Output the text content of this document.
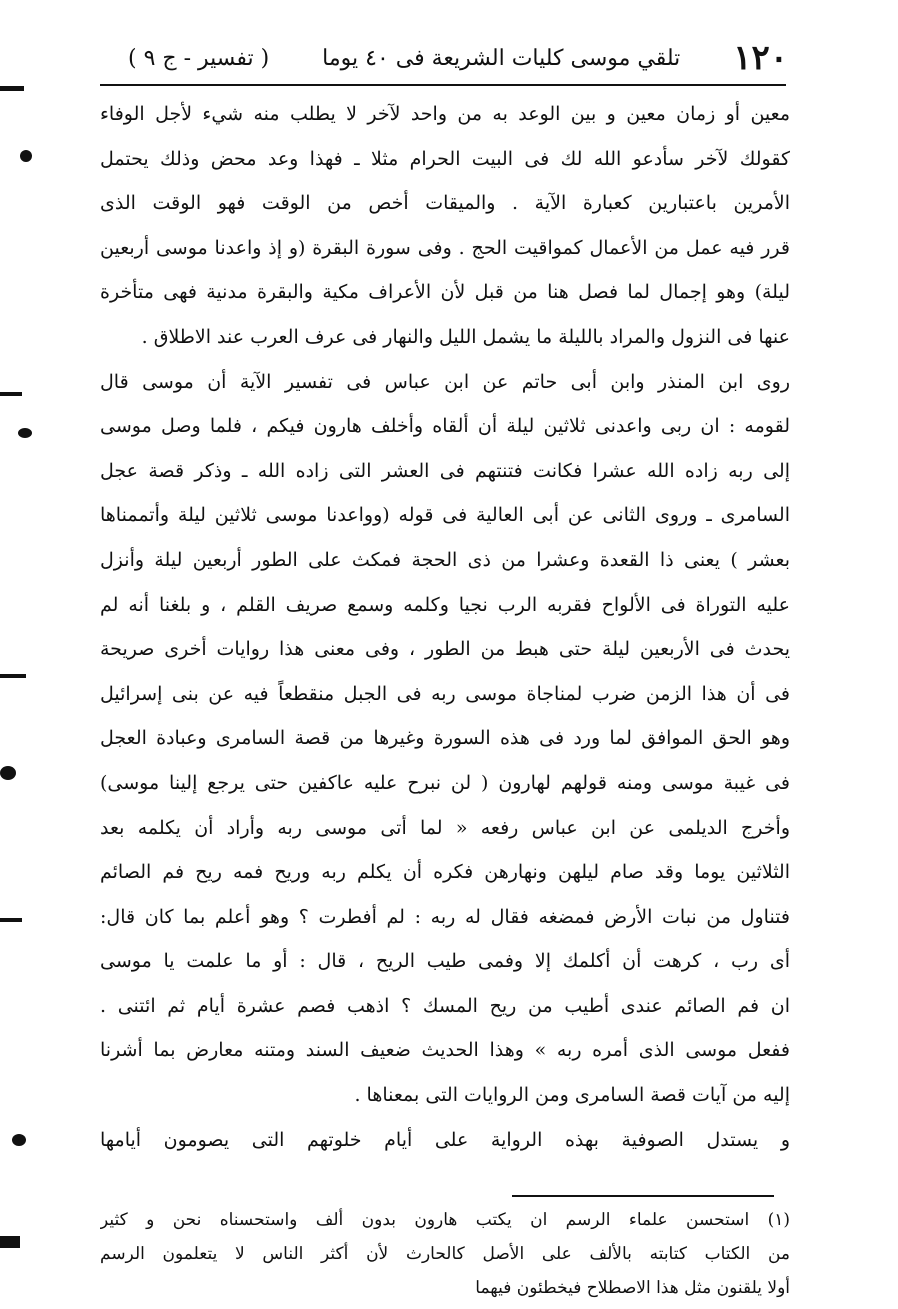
١٢٠
تلقي موسى كليات الشريعة فى ٤٠ يوما
( تفسير - ج ٩ )
معين أو زمان معين و بين الوعد به من واحد لآخر لا يطلب منه شيء لأجل الوفاء
كقولك لآخر سأدعو الله لك فى البيت الحرام مثلا ـ فهذا وعد محض وذلك يحتمل
الأمرين باعتبارين كعبارة الآية . والميقات أخص من الوقت فهو الوقت الذى
قرر فيه عمل من الأعمال كمواقيت الحج . وفى سورة البقرة (و إذ واعدنا موسى أربعين
ليلة) وهو إجمال لما فصل هنا من قبل لأن الأعراف مكية والبقرة مدنية فهى متأخرة
عنها فى النزول والمراد بالليلة ما يشمل الليل والنهار فى عرف العرب عند الاطلاق .
روى ابن المنذر وابن أبى حاتم عن ابن عباس فى تفسير الآية أن موسى قال
لقومه : ان ربى واعدنى ثلاثين ليلة أن ألقاه وأخلف هارون فيكم ، فلما وصل موسى
إلى ربه زاده الله عشرا فكانت فتنتهم فى العشر التى زاده الله ـ وذكر قصة عجل
السامرى ـ وروى الثانى عن أبى العالية فى قوله (وواعدنا موسى ثلاثين ليلة وأتممناها
بعشر ) يعنى ذا القعدة وعشرا من ذى الحجة فمكث على الطور أربعين ليلة وأنزل
عليه التوراة فى الألواح فقربه الرب نجيا وكلمه وسمع صريف القلم ، و بلغنا أنه لم
يحدث فى الأربعين ليلة حتى هبط من الطور ، وفى معنى هذا روايات أخرى صريحة
فى أن هذا الزمن ضرب لمناجاة موسى ربه فى الجبل منقطعاً فيه عن بنى إسرائيل
وهو الحق الموافق لما ورد فى هذه السورة وغيرها من قصة السامرى وعبادة العجل
فى غيبة موسى ومنه قولهم لهارون ( لن نبرح عليه عاكفين حتى يرجع إلينا موسى)
وأخرج الديلمى عن ابن عباس رفعه « لما أتى موسى ربه وأراد أن يكلمه بعد
الثلاثين يوما وقد صام ليلهن ونهارهن فكره أن يكلم ربه وريح فمه ريح فم الصائم
فتناول من نبات الأرض فمضغه فقال له ربه : لم أفطرت ؟ وهو أعلم بما كان قال:
أى رب ، كرهت أن أكلمك إلا وفمى طيب الريح ، قال : أو ما علمت يا موسى
ان فم الصائم عندى أطيب من ريح المسك ؟ اذهب فصم عشرة أيام ثم ائتنى .
ففعل موسى الذى أمره ربه » وهذا الحديث ضعيف السند ومتنه معارض بما أشرنا
إليه من آيات قصة السامرى ومن الروايات التى بمعناها .
و يستدل الصوفية بهذه الرواية على أيام خلوتهم التى يصومون أيامها
(١) استحسن علماء الرسم ان يكتب هارون بدون ألف واستحسناه نحن و كثير
من الكتاب كتابته بالألف على الأصل كالحارث لأن أكثر الناس لا يتعلمون الرسم
أولا يلقنون مثل هذا الاصطلاح فيخطئون فيهما
